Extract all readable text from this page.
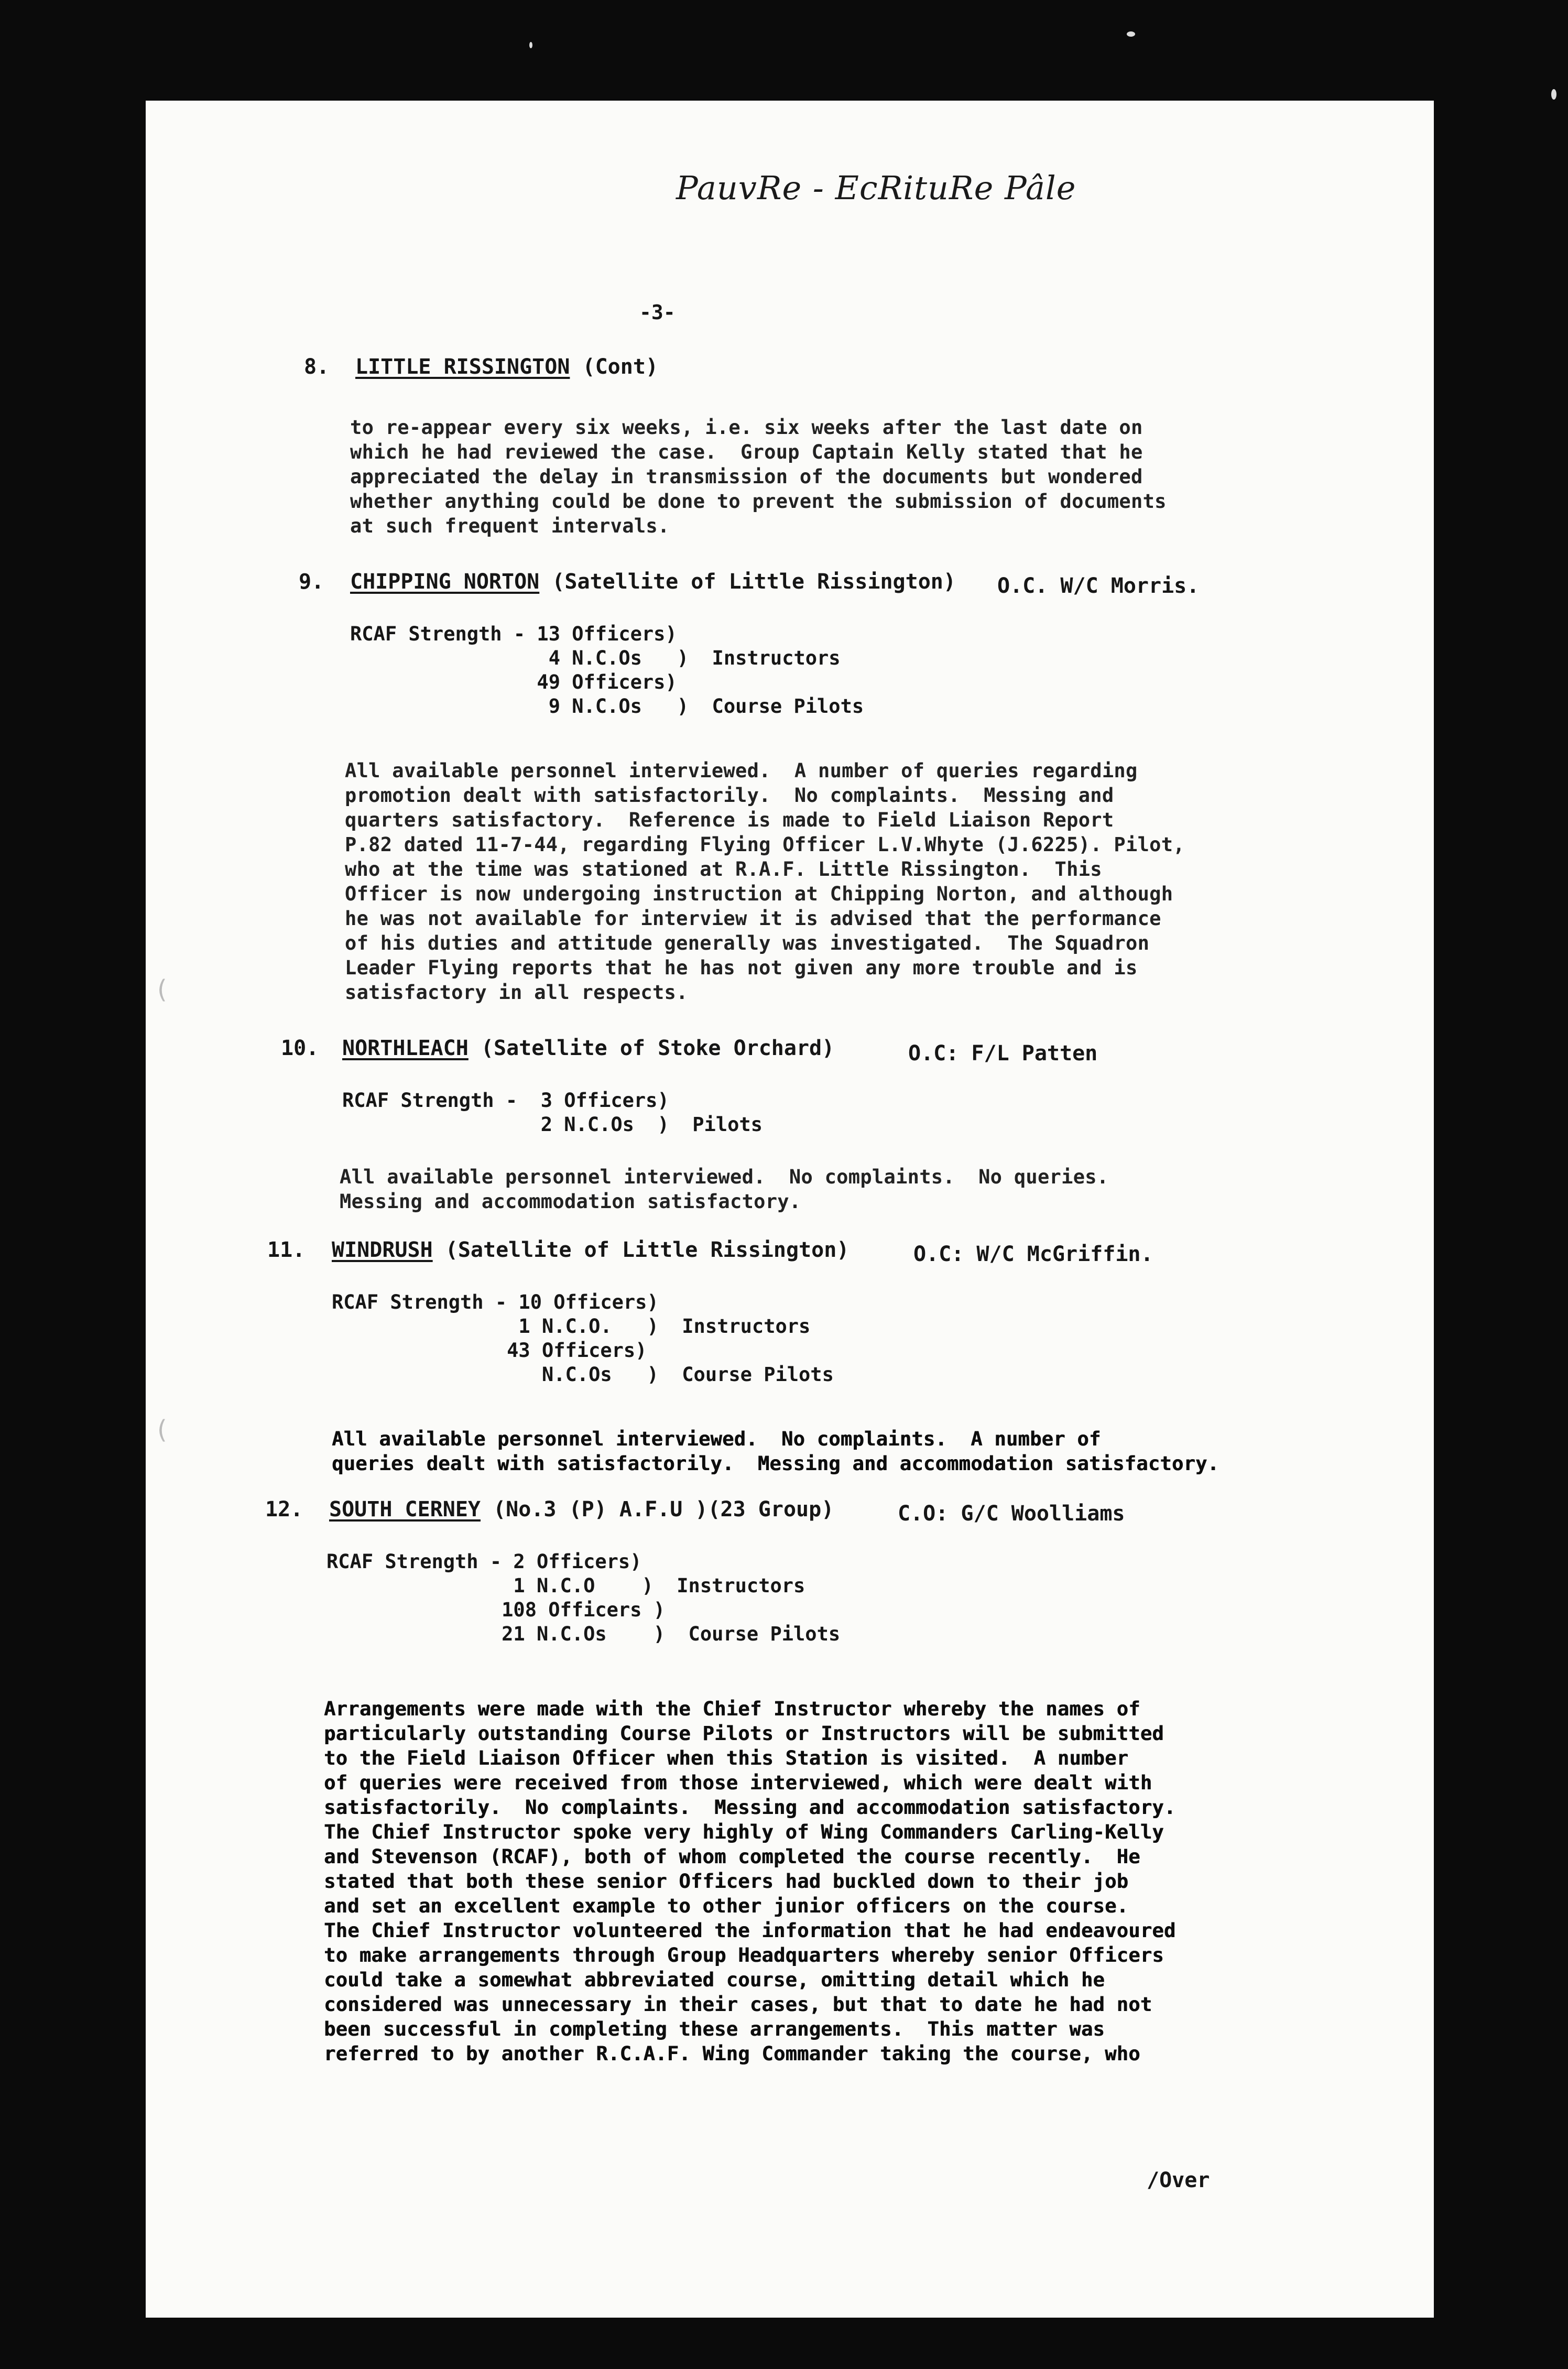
PauvRe - EcRituRe Pâle
-3-
8. LITTLE RISSINGTON (Cont)
to re-appear every six weeks, i.e. six weeks after the last date on
which he had reviewed the case.  Group Captain Kelly stated that he
appreciated the delay in transmission of the documents but wondered
whether anything could be done to prevent the submission of documents
at such frequent intervals.
9. CHIPPING NORTON (Satellite of Little Rissington) O.C. W/C Morris.
RCAF Strength - 13 Officers)
4 N.C.Os   )  Instructors
49 Officers)
9 N.C.Os   )  Course Pilots
All available personnel interviewed.  A number of queries regarding
promotion dealt with satisfactorily.  No complaints.  Messing and
quarters satisfactory.  Reference is made to Field Liaison Report
P.82 dated 11-7-44, regarding Flying Officer L.V.Whyte (J.6225). Pilot,
who at the time was stationed at R.A.F. Little Rissington.  This
Officer is now undergoing instruction at Chipping Norton, and although
he was not available for interview it is advised that the performance
of his duties and attitude generally was investigated.  The Squadron
Leader Flying reports that he has not given any more trouble and is
satisfactory in all respects.
10. NORTHLEACH (Satellite of Stoke Orchard)	O.C: F/L Patten
RCAF Strength -  3 Officers)
2 N.C.Os  )  Pilots
All available personnel interviewed.  No complaints.  No queries.
Messing and accommodation satisfactory.
11. WINDRUSH (Satellite of Little Rissington)	O.C: W/C McGriffin.
RCAF Strength - 10 Officers)
1 N.C.O.   )  Instructors
43 Officers)
N.C.Os   )  Course Pilots
All available personnel interviewed.  No complaints.  A number of
queries dealt with satisfactorily.  Messing and accommodation satisfactory.
12. SOUTH CERNEY (No.3 (P) A.F.U )(23 Group)	C.O: G/C Woolliams
RCAF Strength - 2 Officers)
1 N.C.O    )  Instructors
108 Officers )
21 N.C.Os    )  Course Pilots
Arrangements were made with the Chief Instructor whereby the names of
particularly outstanding Course Pilots or Instructors will be submitted
to the Field Liaison Officer when this Station is visited.  A number
of queries were received from those interviewed, which were dealt with
satisfactorily.  No complaints.  Messing and accommodation satisfactory.
The Chief Instructor spoke very highly of Wing Commanders Carling-Kelly
and Stevenson (RCAF), both of whom completed the course recently.  He
stated that both these senior Officers had buckled down to their job
and set an excellent example to other junior officers on the course.
The Chief Instructor volunteered the information that he had endeavoured
to make arrangements through Group Headquarters whereby senior Officers
could take a somewhat abbreviated course, omitting detail which he
considered was unnecessary in their cases, but that to date he had not
been successful in completing these arrangements.  This matter was
referred to by another R.C.A.F. Wing Commander taking the course, who
/Over
(
(
